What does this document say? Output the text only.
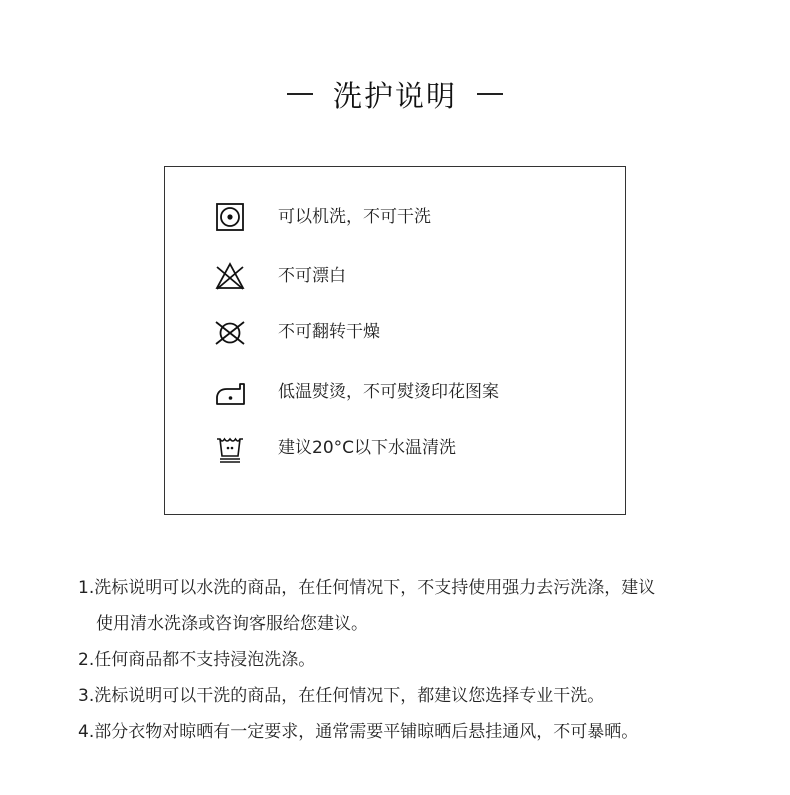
洗护说明
可以机洗，不可干洗
不可漂白
不可翻转干燥
低温熨烫，不可熨烫印花图案
建议20°C以下水温清洗
1.洗标说明可以水洗的商品，在任何情况下，不支持使用强力去污洗涤，建议
使用清水洗涤或咨询客服给您建议。
2.任何商品都不支持浸泡洗涤。
3.洗标说明可以干洗的商品，在任何情况下，都建议您选择专业干洗。
4.部分衣物对晾晒有一定要求，通常需要平铺晾晒后悬挂通风，不可暴晒。
